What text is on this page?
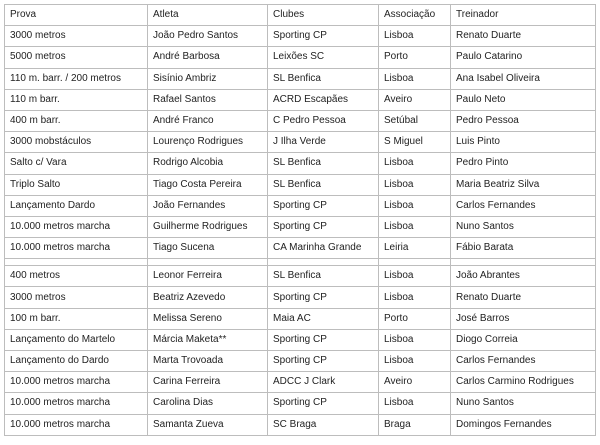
Prova	Atleta	Clubes	Associação	Treinador
3000 metros	João Pedro Santos	Sporting CP	Lisboa	Renato Duarte
5000 metros	André Barbosa	Leixões SC	Porto	Paulo Catarino
110 m. barr. / 200 metros	Sisínio Ambriz	SL Benfica	Lisboa	Ana Isabel Oliveira
110 m barr.	Rafael Santos	ACRD Escapães	Aveiro	Paulo Neto
400 m barr.	André Franco	C Pedro Pessoa	Setúbal	Pedro Pessoa
3000 mobstáculos	Lourenço Rodrigues	J Ilha Verde	S Miguel	Luis Pinto
Salto c/ Vara	Rodrigo Alcobia	SL Benfica	Lisboa	Pedro Pinto
Triplo Salto	Tiago Costa Pereira	SL Benfica	Lisboa	Maria Beatriz Silva
Lançamento Dardo	João Fernandes	Sporting CP	Lisboa	Carlos Fernandes
10.000 metros marcha	Guilherme Rodrigues	Sporting CP	Lisboa	Nuno Santos
10.000 metros marcha	Tiago Sucena	CA Marinha Grande	Leiria	Fábio Barata

400 metros	Leonor Ferreira	SL Benfica	Lisboa	João Abrantes
3000 metros	Beatriz Azevedo	Sporting CP	Lisboa	Renato Duarte
100 m barr.	Melissa Sereno	Maia AC	Porto	José Barros
Lançamento do Martelo	Márcia Maketa**	Sporting CP	Lisboa	Diogo Correia
Lançamento do Dardo	Marta Trovoada	Sporting CP	Lisboa	Carlos Fernandes
10.000 metros marcha	Carina Ferreira	ADCC J Clark	Aveiro	Carlos Carmino Rodrigues
10.000 metros marcha	Carolina Dias	Sporting CP	Lisboa	Nuno Santos
10.000 metros marcha	Samanta Zueva	SC Braga	Braga	Domingos Fernandes
